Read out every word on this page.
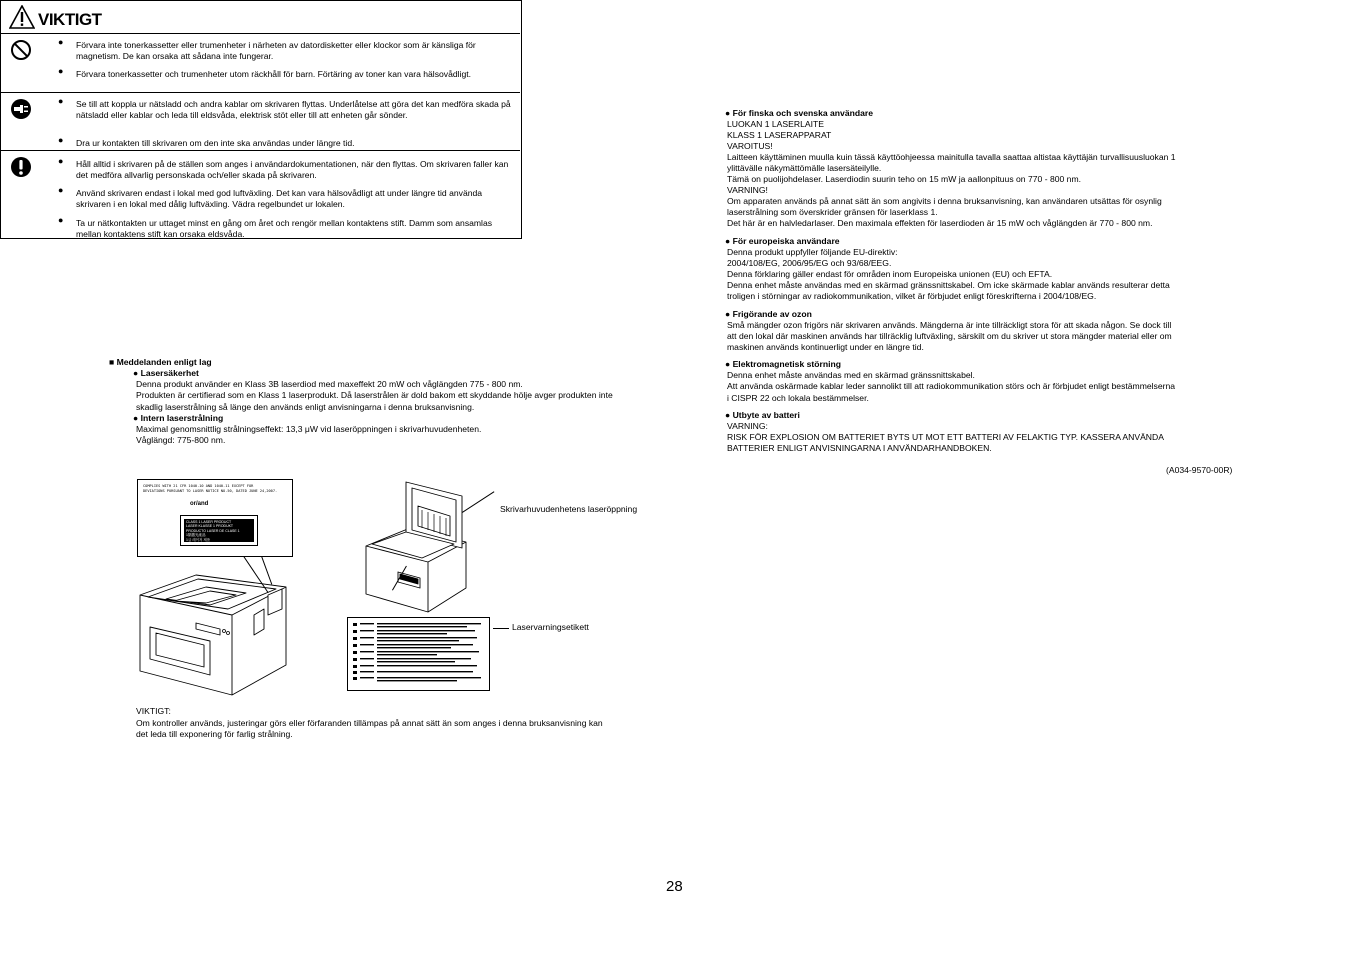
VIKTIGT
● Förvara inte tonerkassetter eller trumenheter i närheten av datordisketter eller klockor som är känsliga för magnetism. De kan orsaka att sådana inte fungerar.
● Förvara tonerkassetter och trumenheter utom räckhåll för barn. Förtäring av toner kan vara hälsovådligt.
● Se till att koppla ur nätsladd och andra kablar om skrivaren flyttas. Underlåtelse att göra det kan medföra skada på nätsladd eller kablar och leda till eldsvåda, elektrisk stöt eller till att enheten går sönder.
● Dra ur kontakten till skrivaren om den inte ska användas under längre tid.
● Håll alltid i skrivaren på de ställen som anges i användardokumentationen, när den flyttas. Om skrivaren faller kan det medföra allvarlig personskada och/eller skada på skrivaren.
● Använd skrivaren endast i lokal med god luftväxling. Det kan vara hälsovådligt att under längre tid använda skrivaren i en lokal med dålig luftväxling. Vädra regelbundet ur lokalen.
● Ta ur nätkontakten ur uttaget minst en gång om året och rengör mellan kontaktens stift. Damm som ansamlas mellan kontaktens stift kan orsaka eldsvåda.
■ Meddelanden enligt lag
● Lasersäkerhet
Denna produkt använder en Klass 3B laserdiod med maxeffekt 20 mW och våglängden 775 - 800 nm.
Produkten är certifierad som en Klass 1 laserprodukt. Då laserstrålen är dold bakom ett skyddande hölje avger produkten inte
skadlig laserstrålning så länge den används enligt anvisningarna i denna bruksanvisning.
● Intern laserstrålning
Maximal genomsnittlig strålningseffekt: 13,3 μW vid laseröppningen i skrivarhuvudenheten.
Våglängd: 775-800 nm.
COMPLIES WITH 21 CFR 1040.10 AND 1040.11 EXCEPT FOR
DEVIATIONS PURSUANT TO LASER NOTICE NO.50, DATED JUNE 24,2007.
or/and
CLASS 1 LASER PRODUCT
LASER KLASSE 1 PRODUKT
PRODUCTO LASER DE CLASE 1
1類激光產品
1급 레이저 제품
Skrivarhuvudenhetens laseröppning
Laservarningsetikett
VIKTIGT:
Om kontroller används, justeringar görs eller förfaranden tillämpas på annat sätt än som anges i denna bruksanvisning kan
det leda till exponering för farlig strålning.
● För finska och svenska användare
LUOKAN 1 LASERLAITE
KLASS 1 LASERAPPARAT
VAROITUS!
Laitteen käyttäminen muulla kuin tässä käyttöohjeessa mainitulla tavalla saattaa altistaa käyttäjän turvallisuusluokan 1
ylittävälle näkymättömälle lasersäteilylle.
Tämä on puolijohdelaser. Laserdiodin suurin teho on 15 mW ja aallonpituus on 770 - 800 nm.
VARNING!
Om apparaten används på annat sätt än som angivits i denna bruksanvisning, kan användaren utsättas för osynlig
laserstrålning som överskrider gränsen för laserklass 1.
Det här är en halvledarlaser. Den maximala effekten för laserdioden är 15 mW och våglängden är 770 - 800 nm.
● För europeiska användare
Denna produkt uppfyller följande EU-direktiv:
2004/108/EG, 2006/95/EG och 93/68/EEG.
Denna förklaring gäller endast för områden inom Europeiska unionen (EU) och EFTA.
Denna enhet måste användas med en skärmad gränssnittskabel. Om icke skärmade kablar används resulterar detta
troligen i störningar av radiokommunikation, vilket är förbjudet enligt föreskrifterna i 2004/108/EG.
● Frigörande av ozon
Små mängder ozon frigörs när skrivaren används. Mängderna är inte tillräckligt stora för att skada någon. Se dock till
att den lokal där maskinen används har tillräcklig luftväxling, särskilt om du skriver ut stora mängder material eller om
maskinen används kontinuerligt under en längre tid.
● Elektromagnetisk störning
Denna enhet måste användas med en skärmad gränssnittskabel.
Att använda oskärmade kablar leder sannolikt till att radiokommunikation störs och är förbjudet enligt bestämmelserna
i CISPR 22 och lokala bestämmelser.
● Utbyte av batteri
VARNING:
RISK FÖR EXPLOSION OM BATTERIET BYTS UT MOT ETT BATTERI AV FELAKTIG TYP. KASSERA ANVÄNDA
BATTERIER ENLIGT ANVISNINGARNA I ANVÄNDARHANDBOKEN.
(A034-9570-00R)
28
